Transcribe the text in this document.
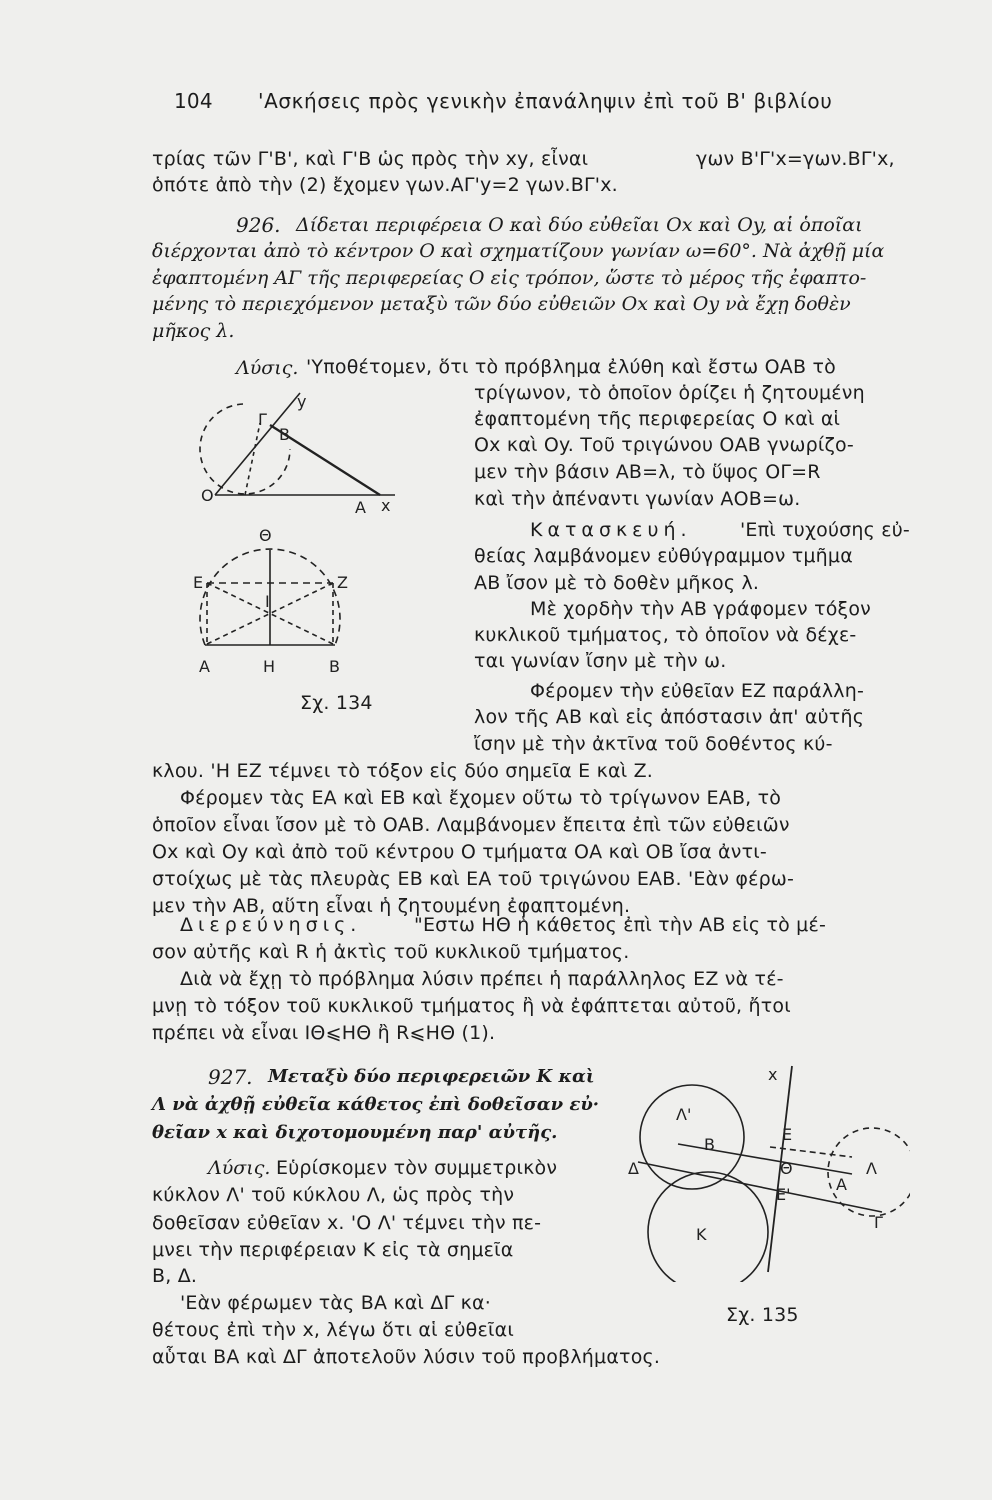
104 'Ασκήσεις πρὸς γενικὴν ἐπανάληψιν ἐπὶ τοῦ Β' βιβλίου
τρίας τῶν Γ'Β', καὶ Γ'Β ὡς πρὸς τὴν xy, εἶναι	γων Β'Γ'x=γων.ΒΓ'x,
ὁπότε ἀπὸ τὴν (2) ἔχομεν γων.ΑΓ'y=2 γων.ΒΓ'x.
926. Δίδεται περιφέρεια Ο καὶ δύο εὐθεῖαι Οx καὶ Οy, αἱ ὁποῖαι
διέρχονται ἀπὸ τὸ κέντρον Ο καὶ σχηματίζουν γωνίαν ω=60°. Νὰ ἀχθῇ μία
ἐφαπτομένη ΑΓ τῆς περιφερείας Ο εἰς τρόπον, ὥστε τὸ μέρος τῆς ἐφαπτο-
μένης τὸ περιεχόμενον μεταξὺ τῶν δύο εὐθειῶν Οx καὶ Οy νὰ ἔχῃ δοθὲν
μῆκος λ.
Λύσις. 'Υποθέτομεν, ὅτι τὸ πρόβλημα ἐλύθη καὶ ἔστω ΟΑΒ τὸ
τρίγωνον, τὸ ὁποῖον ὁρίζει ἡ ζητουμένη
ἐφαπτομένη τῆς περιφερείας Ο καὶ αἱ
Οx καὶ Οy. Τοῦ τριγώνου ΟΑΒ γνωρίζο-
μεν τὴν βάσιν ΑΒ=λ, τὸ ὕψος ΟΓ=R
καὶ τὴν ἀπέναντι γωνίαν ΑΟΒ=ω.
Κατασκευή.	'Επὶ τυχούσης εὐ-
θείας λαμβάνομεν εὐθύγραμμον τμῆμα
ΑΒ ἴσον μὲ τὸ δοθὲν μῆκος λ.
Μὲ χορδὴν τὴν ΑΒ γράφομεν τόξον
κυκλικοῦ τμήματος, τὸ ὁποῖον νὰ δέχε-
ται γωνίαν ἴσην μὲ τὴν ω.
Φέρομεν τὴν εὐθεῖαν ΕΖ παράλλη-
λον τῆς ΑΒ καὶ εἰς ἀπόστασιν ἀπ' αὐτῆς
ἴσην μὲ τὴν ἀκτῖνα τοῦ δοθέντος κύ-
κλου. 'Η ΕΖ τέμνει τὸ τόξον εἰς δύο σημεῖα Ε καὶ Ζ.
Φέρομεν τὰς ΕΑ καὶ ΕΒ καὶ ἔχομεν οὕτω τὸ τρίγωνον ΕΑΒ, τὸ
ὁποῖον εἶναι ἴσον μὲ τὸ ΟΑΒ. Λαμβάνομεν ἔπειτα ἐπὶ τῶν εὐθειῶν
Οx καὶ Οy καὶ ἀπὸ τοῦ κέντρου Ο τμήματα ΟΑ καὶ ΟΒ ἴσα ἀντι-
στοίχως μὲ τὰς πλευρὰς ΕΒ καὶ ΕΑ τοῦ τριγώνου ΕΑΒ. 'Εὰν φέρω-
μεν τὴν ΑΒ, αὕτη εἶναι ἡ ζητουμένη ἐφαπτομένη.
Διερεύνησις.	"Εστω ΗΘ ἡ κάθετος ἐπὶ τὴν ΑΒ εἰς τὸ μέ-
σον αὐτῆς καὶ R ἡ ἀκτὶς τοῦ κυκλικοῦ τμήματος.
Διὰ νὰ ἔχῃ τὸ πρόβλημα λύσιν πρέπει ἡ παράλληλος ΕΖ νὰ τέ-
μνῃ τὸ τόξον τοῦ κυκλικοῦ τμήματος ἢ νὰ ἐφάπτεται αὐτοῦ, ἤτοι
πρέπει νὰ εἶναι ΙΘ⩽ΗΘ ἢ R⩽ΗΘ (1).
927. Μεταξὺ δύο περιφερειῶν Κ καὶ
Λ νὰ ἀχθῇ εὐθεῖα κάθετος ἐπὶ δοθεῖσαν εὐ·
θεῖαν x καὶ διχοτομουμένη παρ' αὐτῆς.
Λύσις. Εὑρίσκομεν τὸν συμμετρικὸν
κύκλον Λ' τοῦ κύκλου Λ, ὡς πρὸς τὴν
δοθεῖσαν εὐθεῖαν x. 'Ο Λ' τέμνει τὴν πε-
μνει τὴν περιφέρειαν Κ εἰς τὰ σημεῖα
Β, Δ.
'Εὰν φέρωμεν τὰς ΒΑ καὶ ΔΓ κα·
θέτους ἐπὶ τὴν x, λέγω ὅτι αἱ εὐθεῖαι
αὗται ΒΑ καὶ ΔΓ ἀποτελοῦν λύσιν τοῦ προβλήματος.
y
Γ
Β
Ο
Α x
Θ
Ε	Ζ
Ι
Α	Η	Β
Σχ. 134
x
Λ'
Ε
Β
Θ	Λ
Δ
Α
Ε'
Κ
Γ
Σχ. 135
